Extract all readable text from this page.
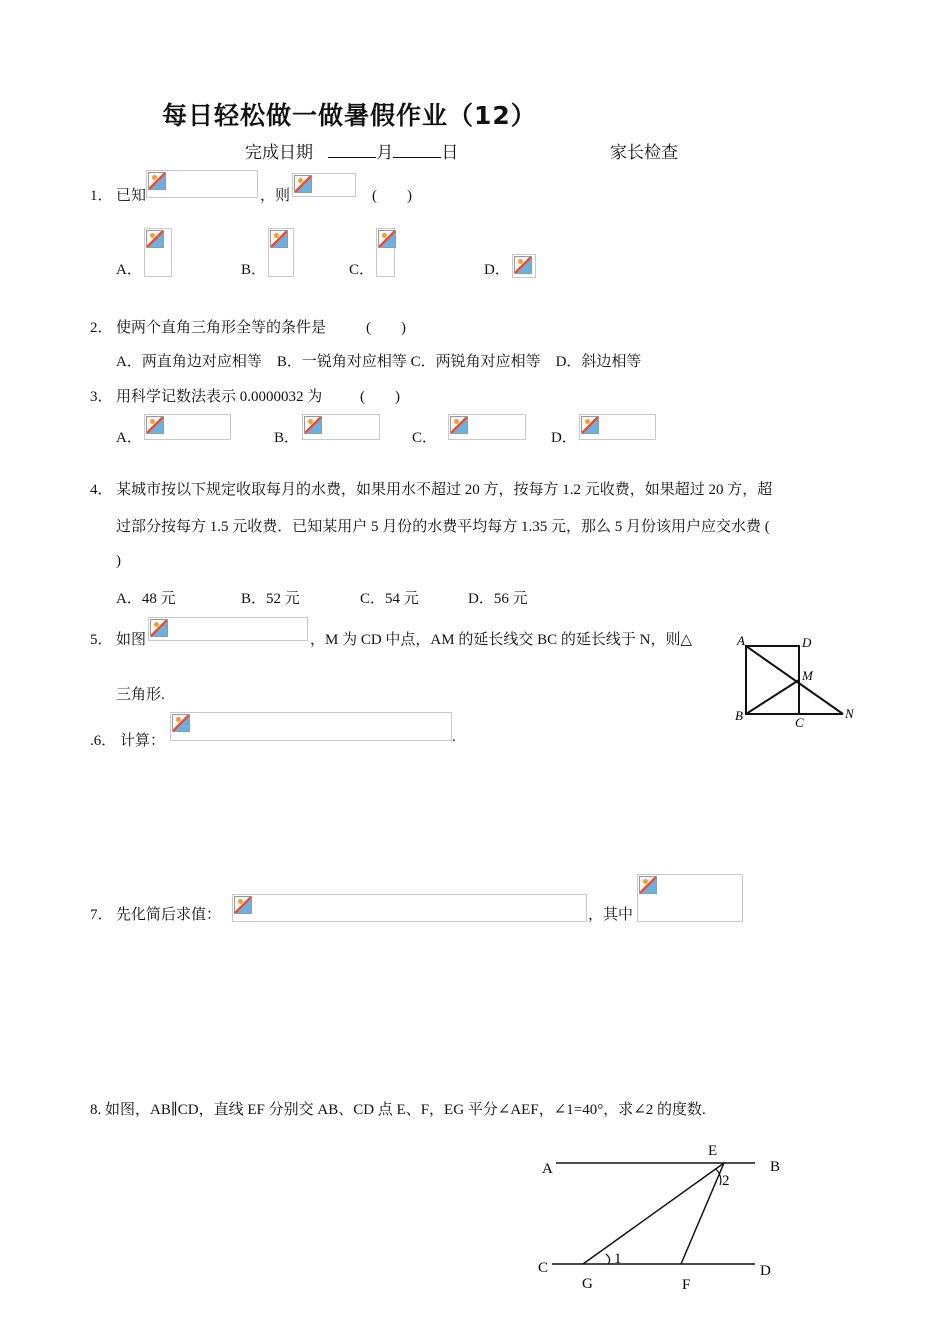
每日轻松做一做暑假作业（12）
完成日期	月	日	家长检查
1． 已知	，则	(　　)
A．	B．	C．	D．
2． 使两个直角三角形全等的条件是	(　　)
A．两直角边对应相等　B．一锐角对应相等 C．两锐角对应相等　D．斜边相等
3． 用科学记数法表示 0.0000032 为	(　　)
A．	B．	C．	D．
4． 某城市按以下规定收取每月的水费，如果用水不超过 20 方，按每方 1.2 元收费，如果超过 20 方，超
过部分按每方 1.5 元收费．已知某用户 5 月份的水费平均每方 1.35 元，那么 5 月份该用户应交水费 (
)
A．48 元	B．52 元	C．54 元	D．56 元
5． 如图	，M 为 CD 中点，AM 的延长线交 BC 的延长线于 N，则△
三角形.
A	D
M
B	C
N
.6． 计算：	.
7． 先化简后求值：	，其中
8. 如图，AB∥CD，直线 EF 分别交 AB、CD 点 E、F，EG 平分∠AEF，∠1=40°，求∠2 的度数.
E
A	B
2
1
C	D
G	F
